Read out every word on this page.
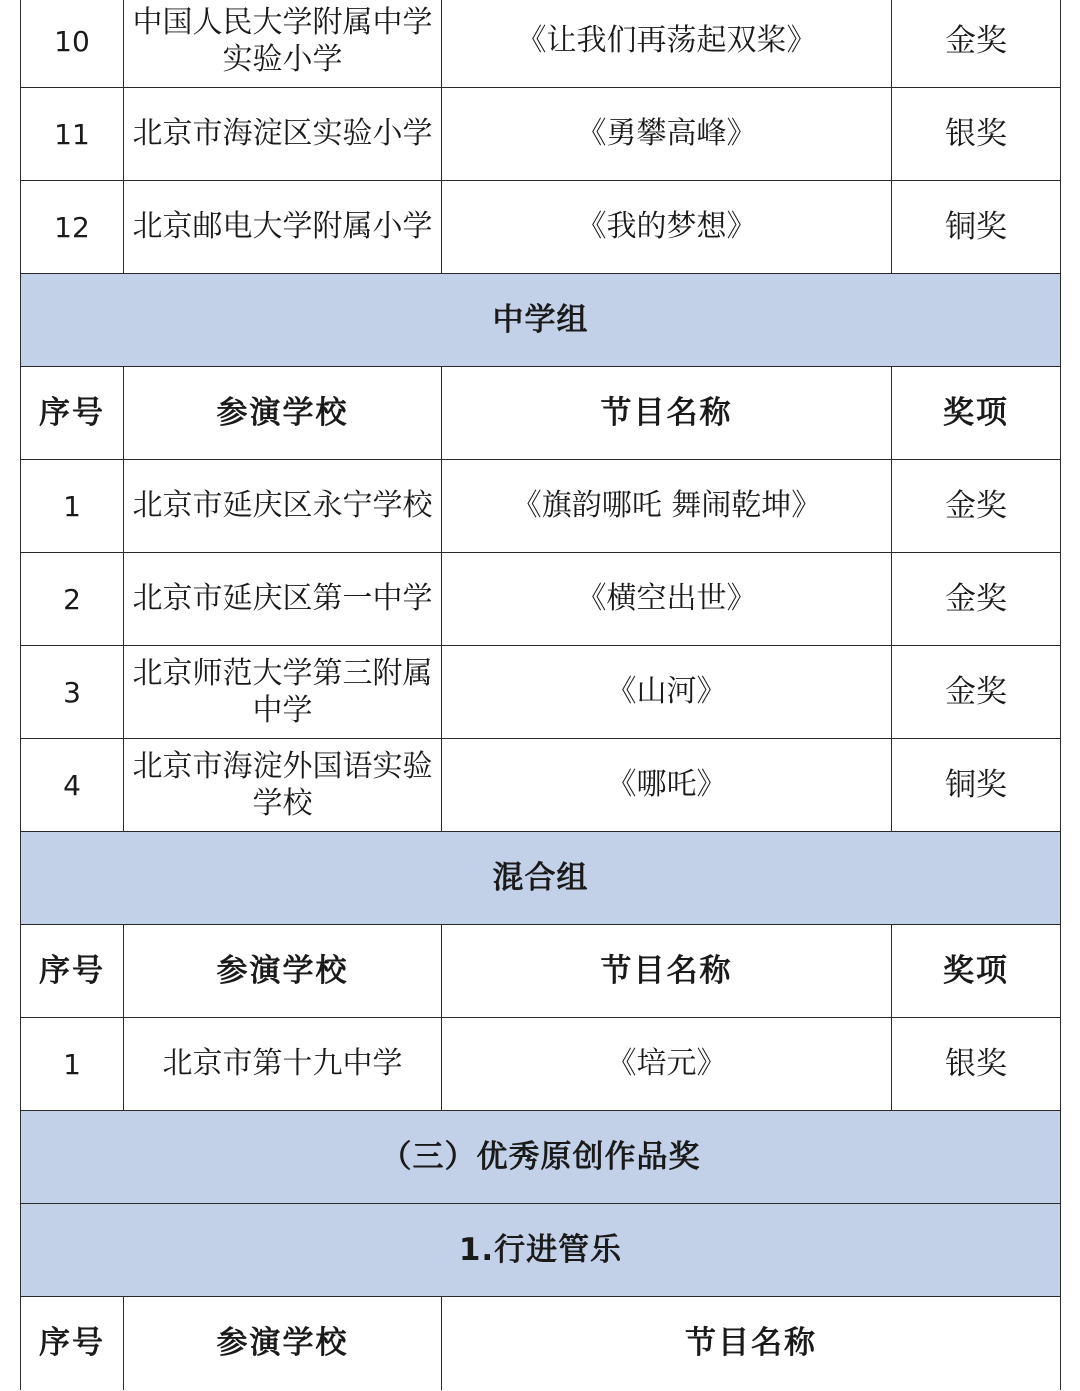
10	中国人民大学附属中学实验小学	《让我们再荡起双桨》	金奖
11	北京市海淀区实验小学	《勇攀高峰》	银奖
12	北京邮电大学附属小学	《我的梦想》	铜奖
中学组			
序号	参演学校	节目名称	奖项
1	北京市延庆区永宁学校	《旗韵哪吒 舞闹乾坤》	金奖
2	北京市延庆区第一中学	《横空出世》	金奖
3	北京师范大学第三附属中学	《山河》	金奖
4	北京市海淀外国语实验学校	《哪吒》	铜奖
混合组			
序号	参演学校	节目名称	奖项
1	北京市第十九中学	《培元》	银奖
（三）优秀原创作品奖			
1.行进管乐			
序号	参演学校	节目名称	
